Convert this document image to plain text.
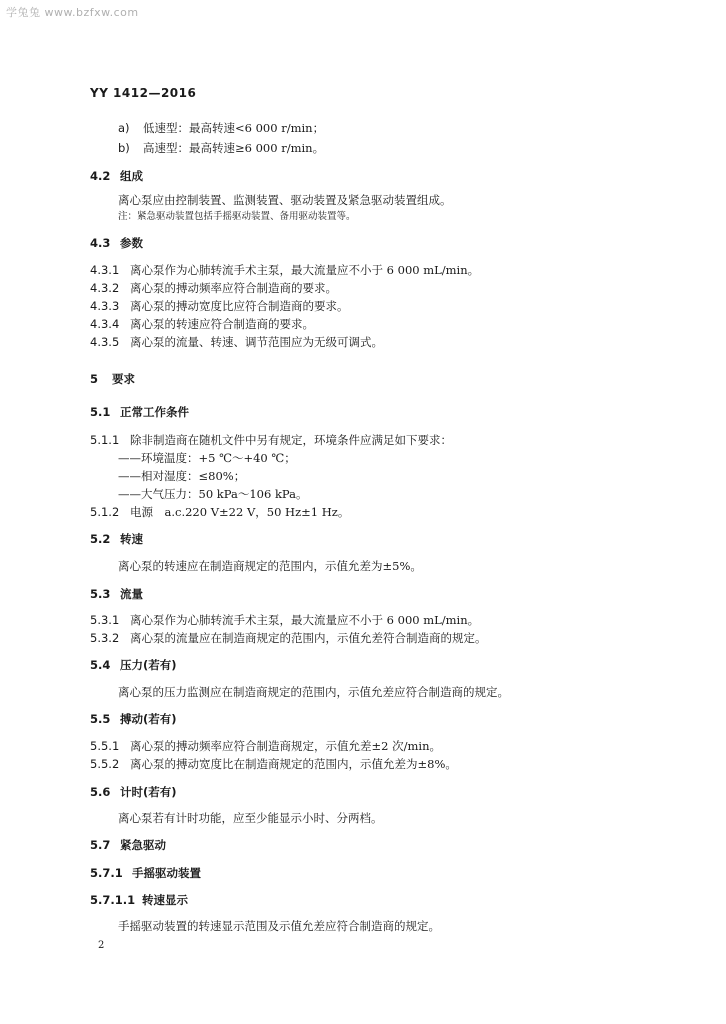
学兔兔 www.bzfxw.com
YY 1412—2016
a) 低速型：最高转速<6 000 r/min；
b) 高速型：最高转速≥6 000 r/min。
4.2 组成
离心泵应由控制装置、监测装置、驱动装置及紧急驱动装置组成。
注：紧急驱动装置包括手摇驱动装置、备用驱动装置等。
4.3 参数
4.3.1 离心泵作为心肺转流手术主泵，最大流量应不小于 6 000 mL/min。
4.3.2 离心泵的搏动频率应符合制造商的要求。
4.3.3 离心泵的搏动宽度比应符合制造商的要求。
4.3.4 离心泵的转速应符合制造商的要求。
4.3.5 离心泵的流量、转速、调节范围应为无级可调式。
5 要求
5.1 正常工作条件
5.1.1 除非制造商在随机文件中另有规定，环境条件应满足如下要求：
——环境温度：+5 ℃～+40 ℃；
——相对湿度：≤80%；
——大气压力：50 kPa～106 kPa。
5.1.2 电源　a.c.220 V±22 V，50 Hz±1 Hz。
5.2 转速
离心泵的转速应在制造商规定的范围内，示值允差为±5%。
5.3 流量
5.3.1 离心泵作为心肺转流手术主泵，最大流量应不小于 6 000 mL/min。
5.3.2 离心泵的流量应在制造商规定的范围内，示值允差符合制造商的规定。
5.4 压力(若有)
离心泵的压力监测应在制造商规定的范围内，示值允差应符合制造商的规定。
5.5 搏动(若有)
5.5.1 离心泵的搏动频率应符合制造商规定，示值允差±2 次/min。
5.5.2 离心泵的搏动宽度比在制造商规定的范围内，示值允差为±8%。
5.6 计时(若有)
离心泵若有计时功能，应至少能显示小时、分两档。
5.7 紧急驱动
5.7.1 手摇驱动装置
5.7.1.1 转速显示
手摇驱动装置的转速显示范围及示值允差应符合制造商的规定。
2
